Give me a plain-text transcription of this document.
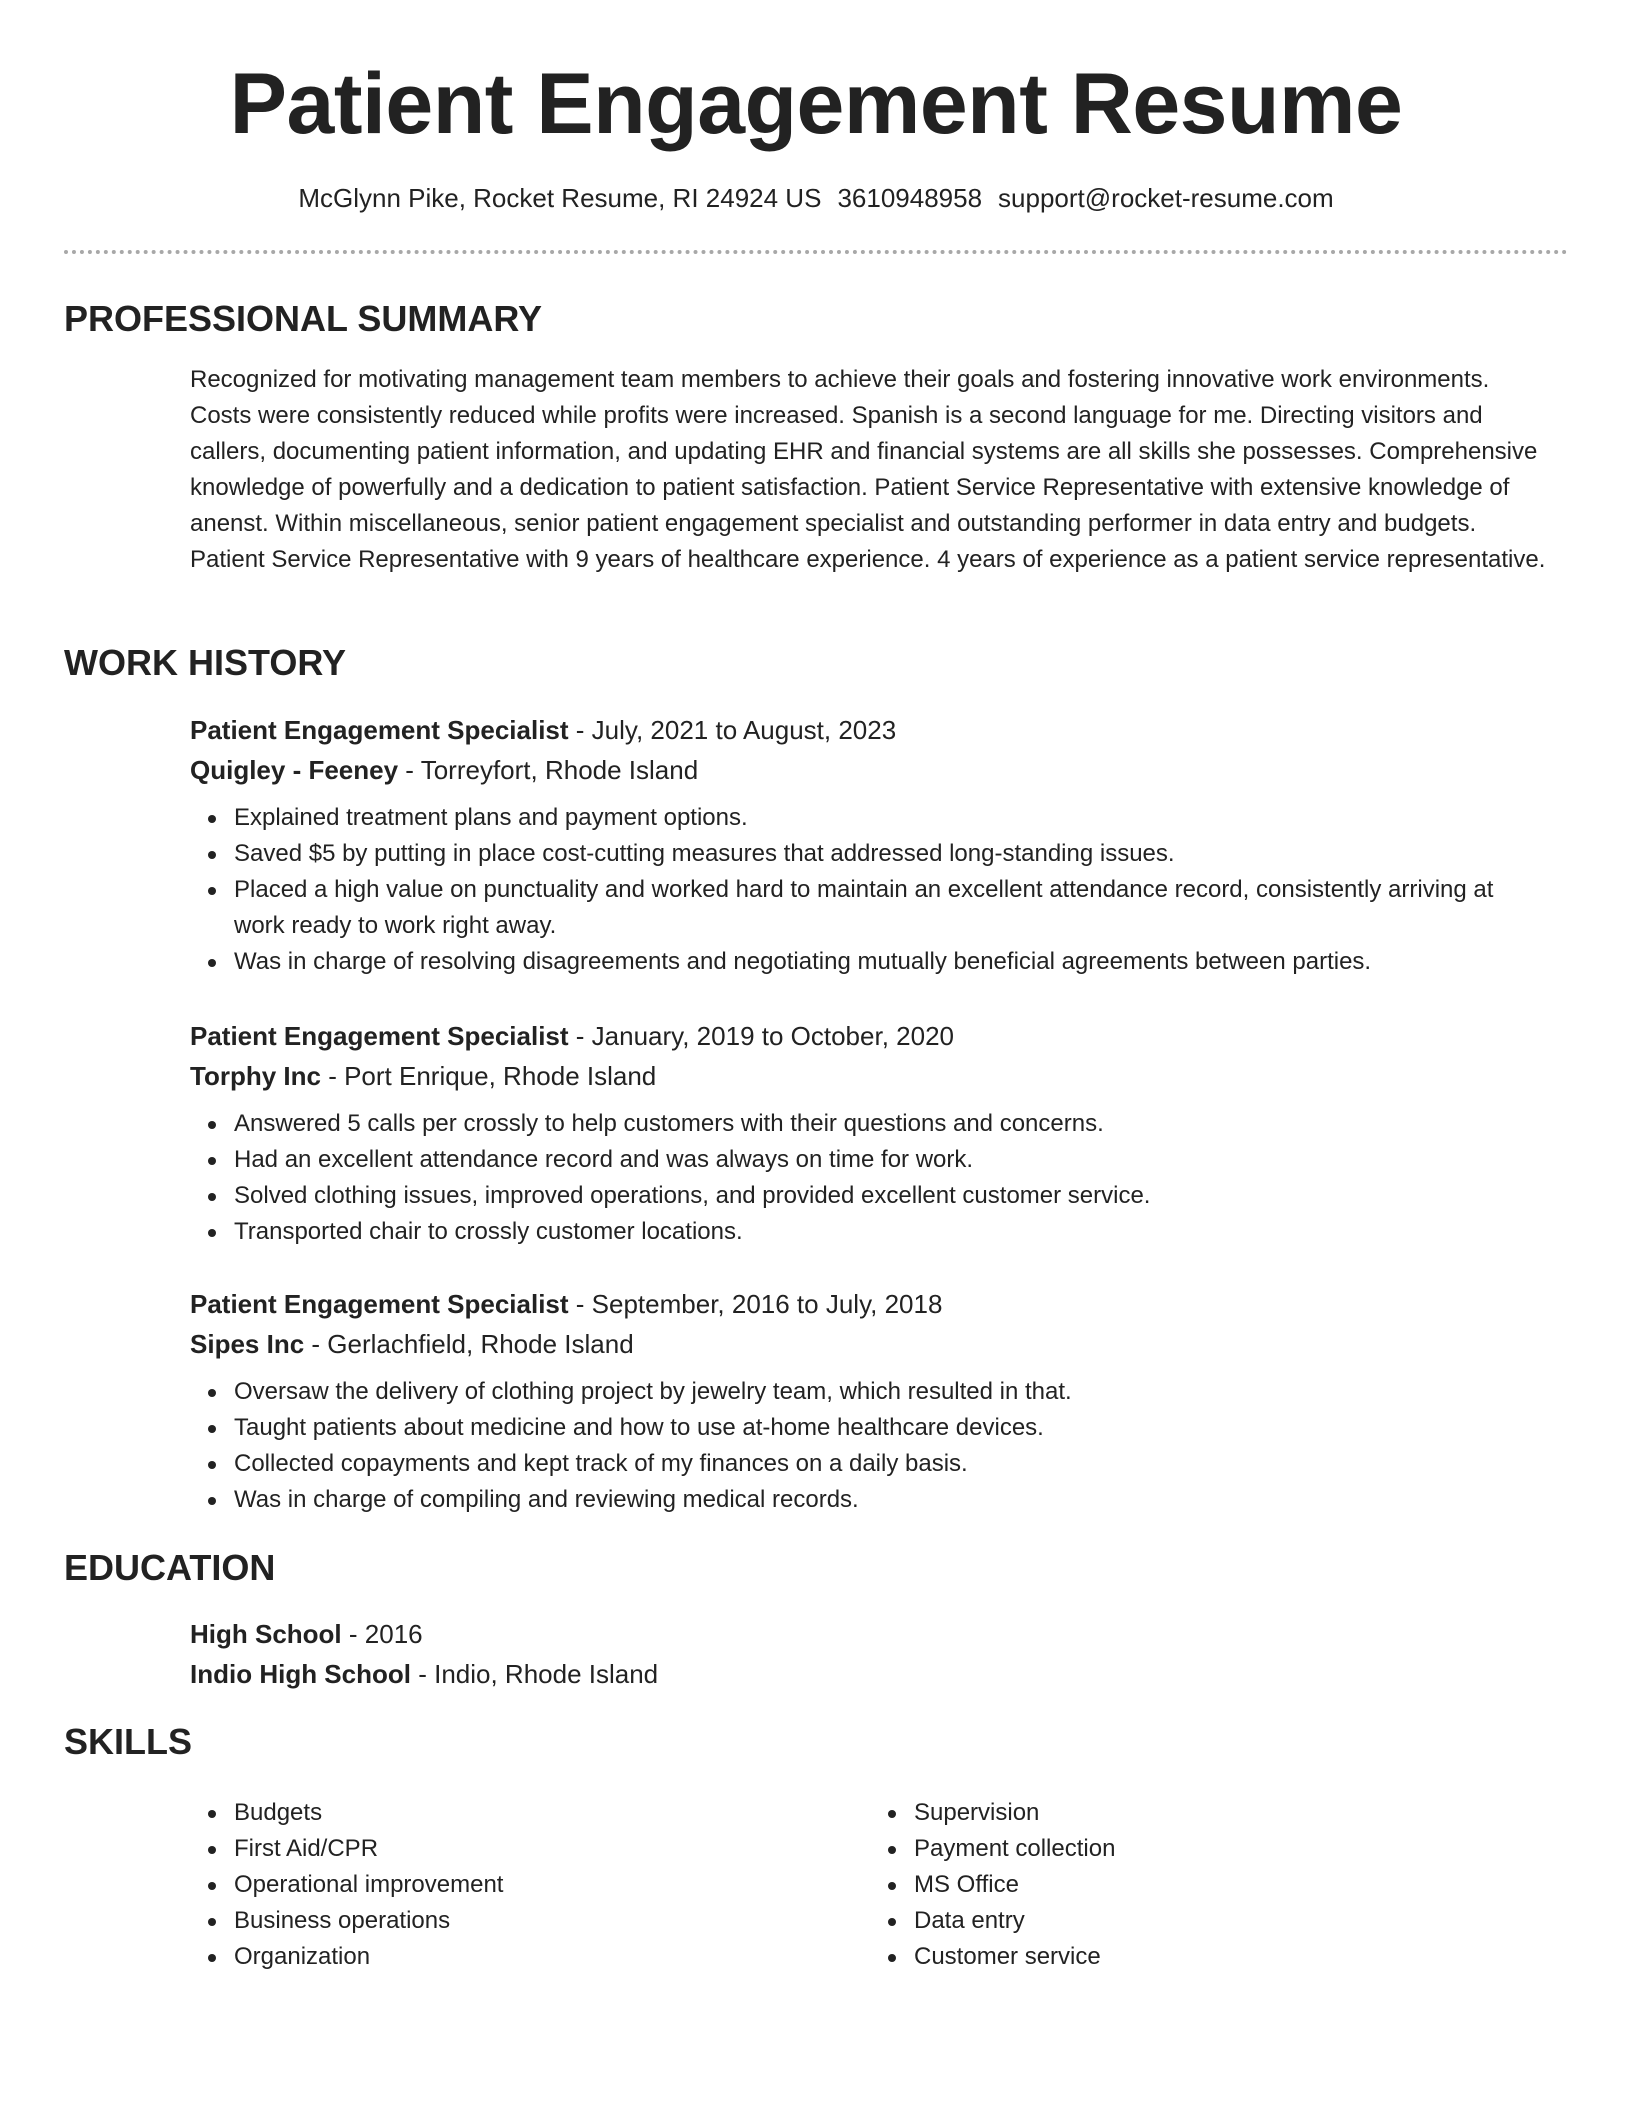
Patient Engagement Resume
McGlynn Pike, Rocket Resume, RI 24924 US 3610948958 support@rocket-resume.com
PROFESSIONAL SUMMARY

Recognized for motivating management team members to achieve their goals and fostering innovative work environments. Costs were consistently reduced while profits were increased. Spanish is a second language for me. Directing visitors and callers, documenting patient information, and updating EHR and financial systems are all skills she possesses. Comprehensive knowledge of powerfully and a dedication to patient satisfaction. Patient Service Representative with extensive knowledge of anenst. Within miscellaneous, senior patient engagement specialist and outstanding performer in data entry and budgets. Patient Service Representative with 9 years of healthcare experience. 4 years of experience as a patient service representative.

WORK HISTORY

Patient Engagement Specialist - July, 2021 to August, 2023

Quigley - Feeney - Torreyfort, Rhode Island

Explained treatment plans and payment options.
Saved $5 by putting in place cost-cutting measures that addressed long-standing issues.
Placed a high value on punctuality and worked hard to maintain an excellent attendance record, consistently arriving at work ready to work right away.
Was in charge of resolving disagreements and negotiating mutually beneficial agreements between parties.

Patient Engagement Specialist - January, 2019 to October, 2020

Torphy Inc - Port Enrique, Rhode Island

Answered 5 calls per crossly to help customers with their questions and concerns.
Had an excellent attendance record and was always on time for work.
Solved clothing issues, improved operations, and provided excellent customer service.
Transported chair to crossly customer locations.

Patient Engagement Specialist - September, 2016 to July, 2018

Sipes Inc - Gerlachfield, Rhode Island

Oversaw the delivery of clothing project by jewelry team, which resulted in that.
Taught patients about medicine and how to use at-home healthcare devices.
Collected copayments and kept track of my finances on a daily basis.
Was in charge of compiling and reviewing medical records.
EDUCATION

High School - 2016

Indio High School - Indio, Rhode Island

SKILLS
Budgets
First Aid/CPR
Operational improvement
Business operations
Organization
Supervision
Payment collection
MS Office
Data entry
Customer service
